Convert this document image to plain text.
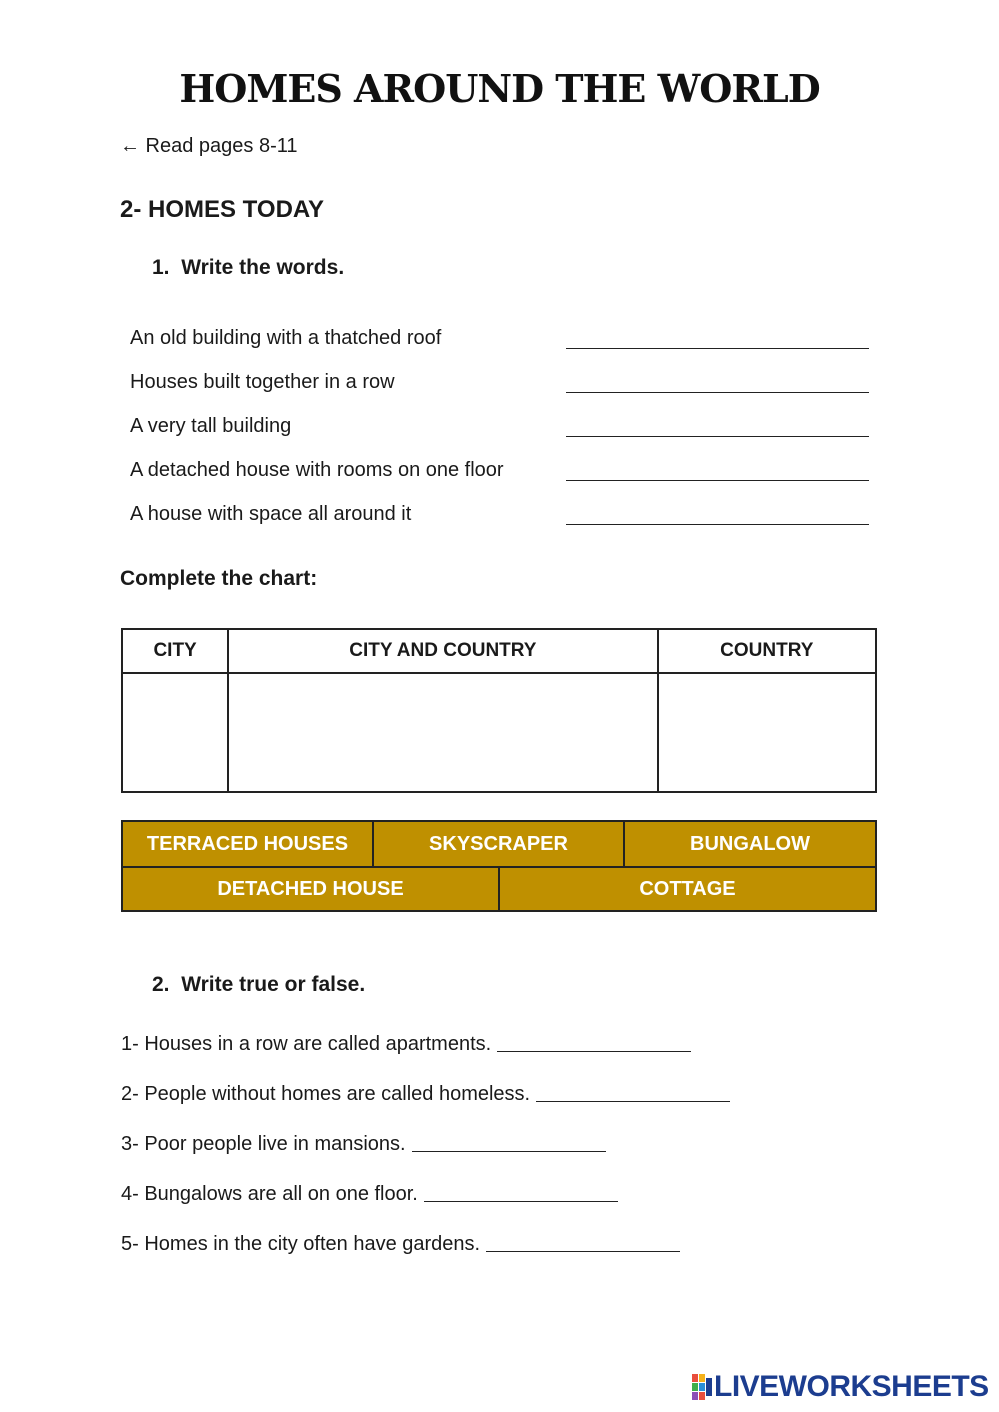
HOMES AROUND THE WORLD
← Read pages 8-11
2- HOMES TODAY
1. Write the words.
An old building with a thatched roof
Houses built together in a row
A very tall building
A detached house with rooms on one floor
A house with space all around it
Complete the chart:
CITY	CITY AND COUNTRY	COUNTRY

TERRACED HOUSES	SKYSCRAPER	BUNGALOW
DETACHED HOUSE	COTTAGE
2. Write true or false.
1- Houses in a row are called apartments.
2- People without homes are called homeless.
3- Poor people live in mansions.
4- Bungalows are all on one floor.
5- Homes in the city often have gardens.
LIVEWORKSHEETS
